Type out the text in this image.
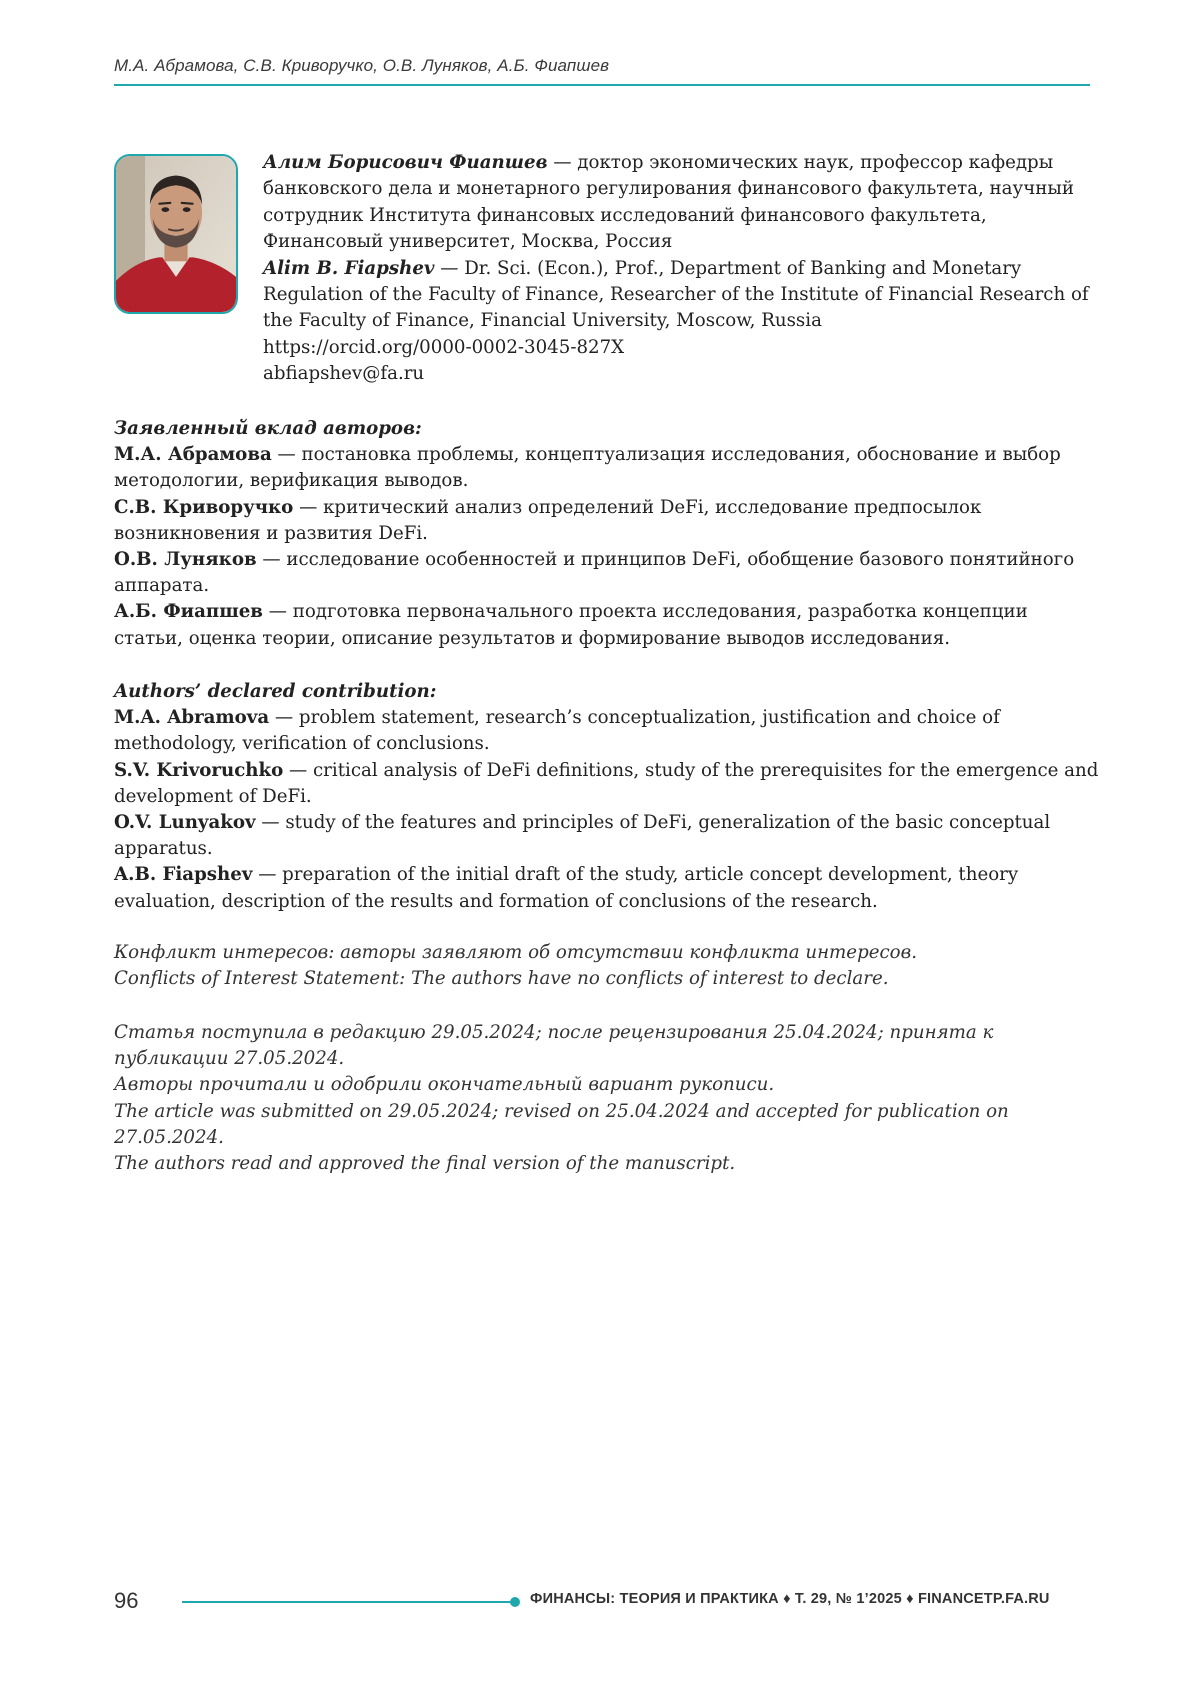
М.А. Абрамова, С.В. Криворучко, О.В. Луняков, А.Б. Фиапшев

Алим Борисович Фиапшев — доктор экономических наук, профессор кафедры банковского дела и монетарного регулирования финансового факультета, научный сотрудник Института финансовых исследований финансового факультета, Финансовый университет, Москва, Россия

Alim B. Fiapshev — Dr. Sci. (Econ.), Prof., Department of Banking and Monetary Regulation of the Faculty of Finance, Researcher of the Institute of Financial Research of the Faculty of Finance, Financial University, Moscow, Russia

https://orcid.org/0000-0002-3045-827X

abfiapshev@fa.ru

Заявленный вклад авторов:

М.А. Абрамова — постановка проблемы, концептуализация исследования, обоснование и выбор методологии, верификация выводов.

С.В. Криворучко — критический анализ определений DeFi, исследование предпосылок возникновения и развития DeFi.

О.В. Луняков — исследование особенностей и принципов DeFi, обобщение базового понятийного аппарата.

А.Б. Фиапшев — подготовка первоначального проекта исследования, разработка концепции статьи, оценка теории, описание результатов и формирование выводов исследования.

Authors’ declared contribution:

M.A. Abramova — problem statement, research’s conceptualization, justification and choice of methodology, verification of conclusions.

S.V. Krivoruchko — critical analysis of DeFi definitions, study of the prerequisites for the emergence and development of DeFi.

O.V. Lunyakov — study of the features and principles of DeFi, generalization of the basic conceptual apparatus.

A.B. Fiapshev — preparation of the initial draft of the study, article concept development, theory evaluation, description of the results and formation of conclusions of the research.

Конфликт интересов: авторы заявляют об отсутствии конфликта интересов.

Conflicts of Interest Statement: The authors have no conflicts of interest to declare.

Статья поступила в редакцию 29.05.2024; после рецензирования 25.04.2024; принята к публикации 27.05.2024.

Авторы прочитали и одобрили окончательный вариант рукописи.

The article was submitted on 29.05.2024; revised on 25.04.2024 and accepted for publication on 27.05.2024.

The authors read and approved the final version of the manuscript.

96	ФИНАНСЫ: ТЕОРИЯ И ПРАКТИКА ♦ Т. 29, № 1’2025 ♦ FINANCETP.FA.RU
